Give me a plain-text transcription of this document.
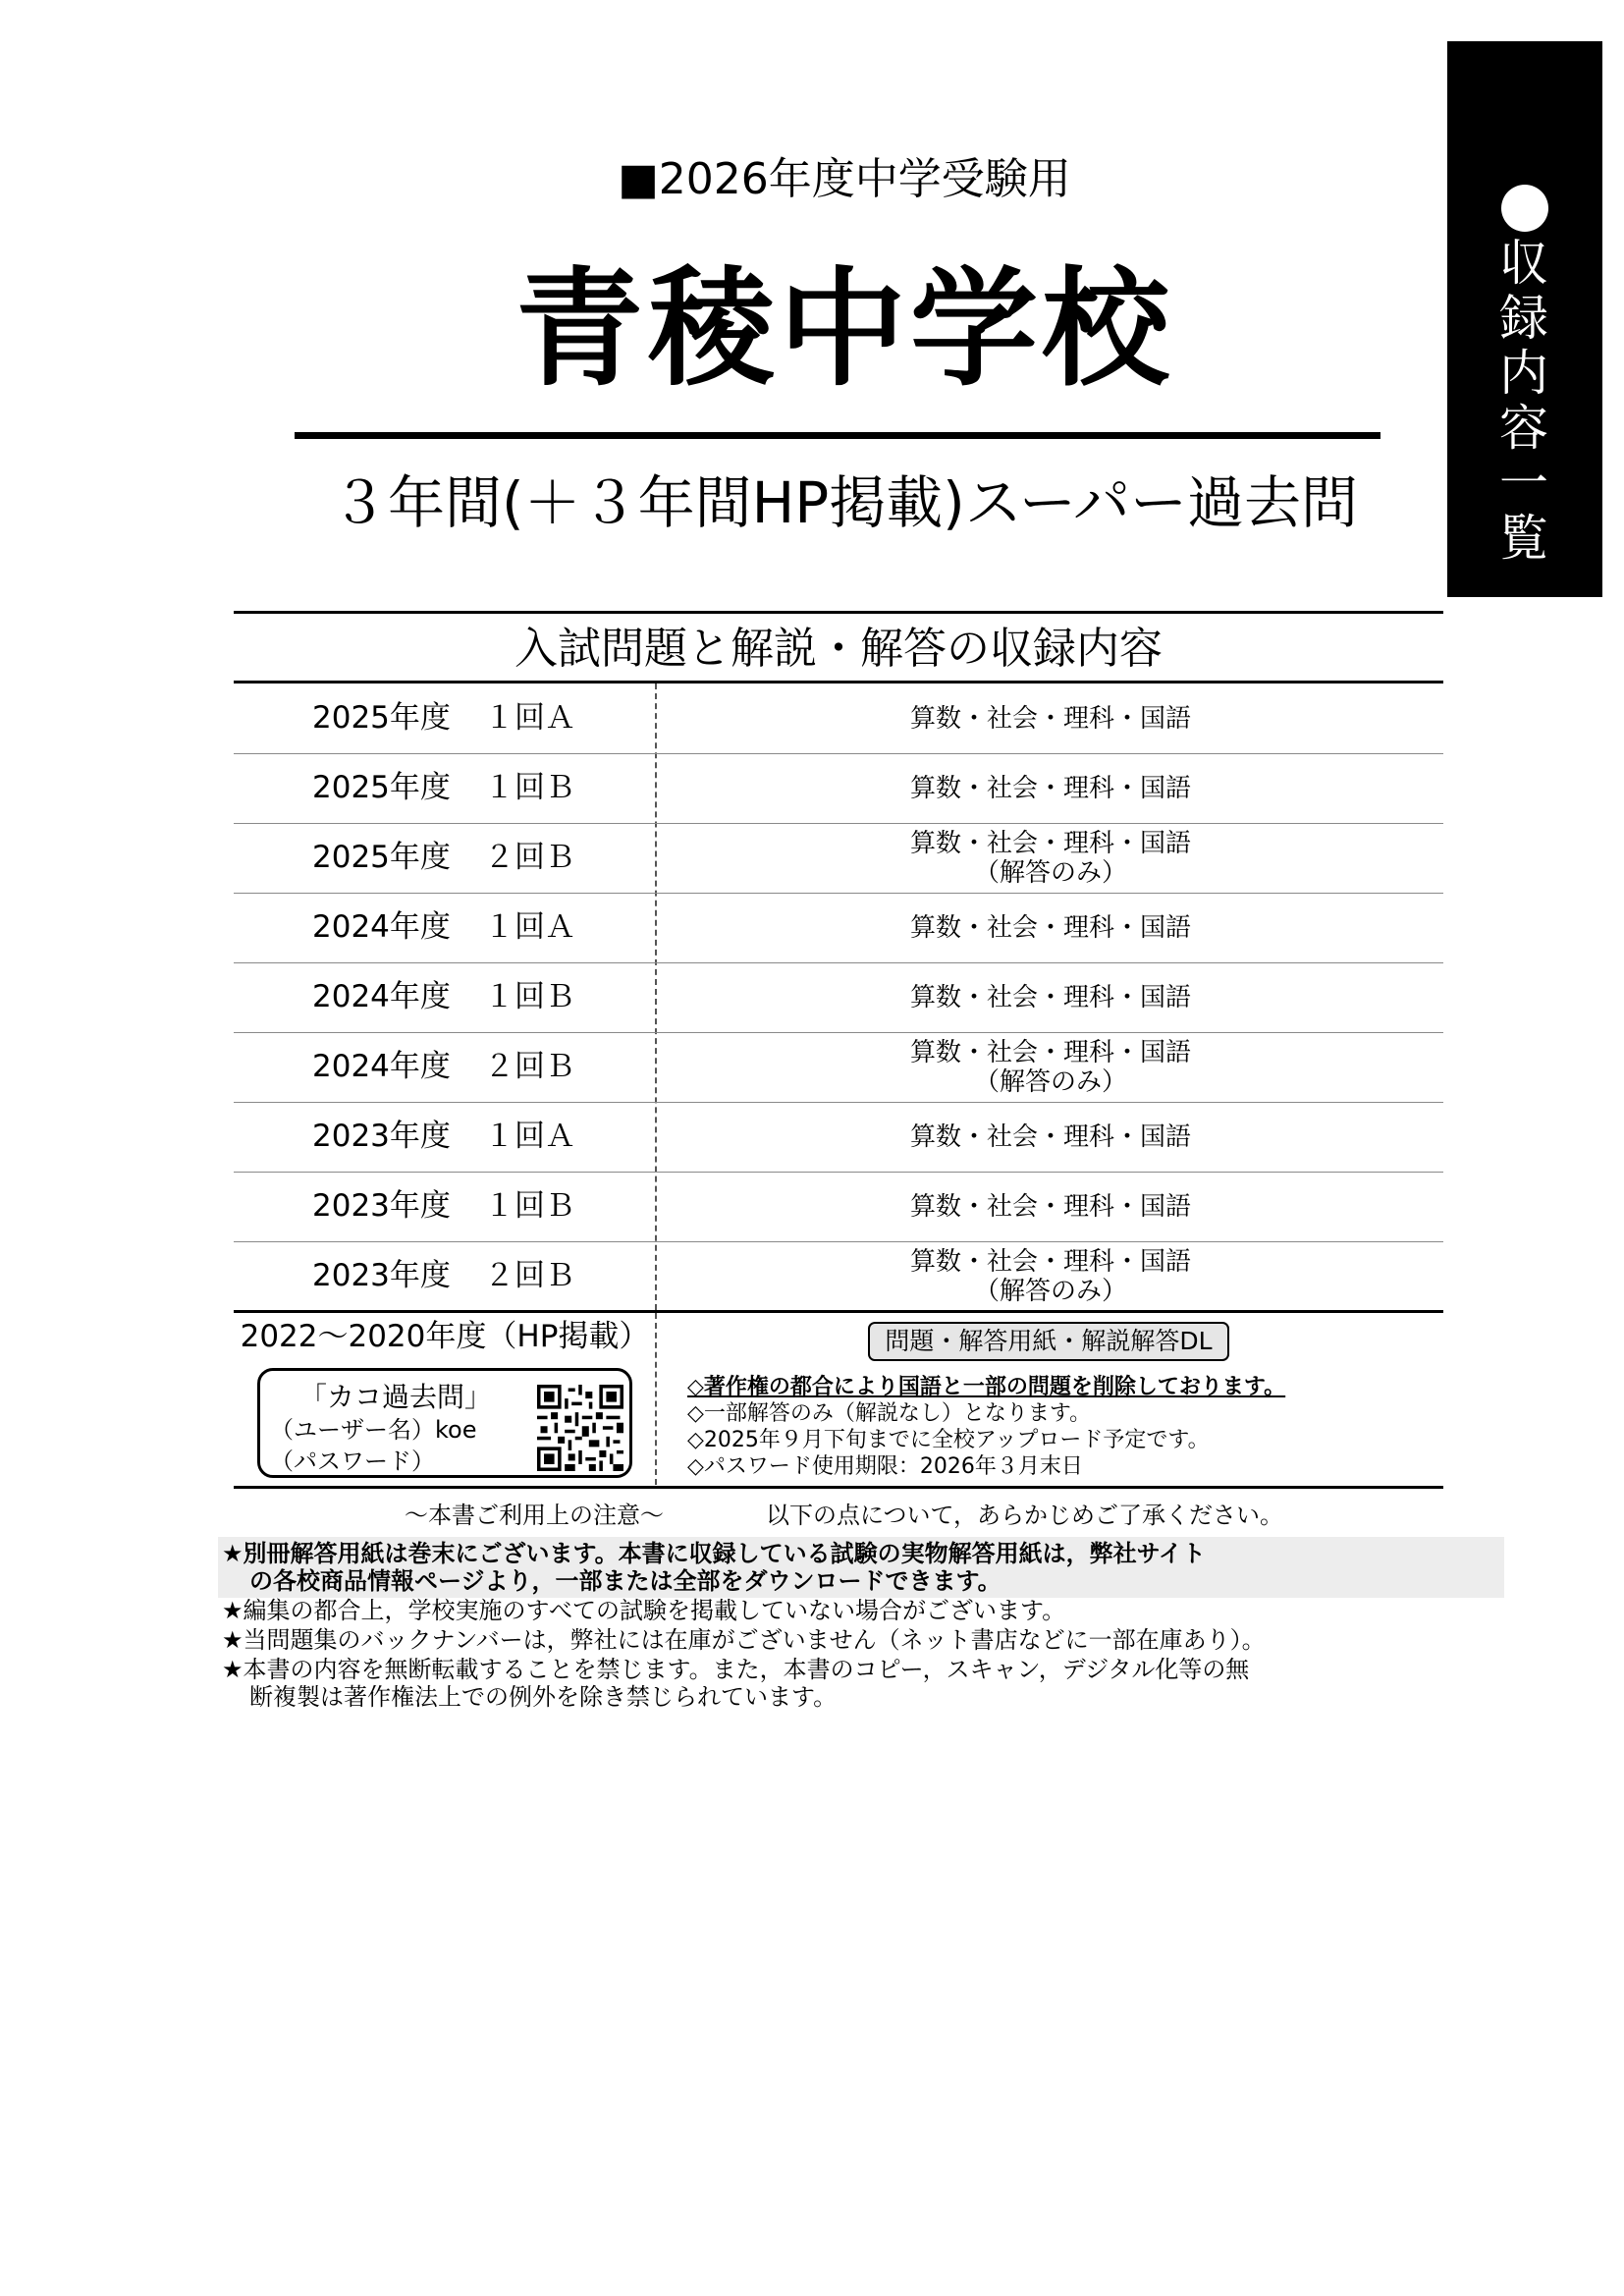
収
録
内
容
一
覧
■2026年度中学受験用
青稜中学校
３年間(＋３年間HP掲載)スーパー過去問
入試問題と解説・解答の収録内容
2025年度 １回Ａ	算数・社会・理科・国語
2025年度 １回Ｂ	算数・社会・理科・国語
2025年度 ２回Ｂ	算数・社会・理科・国語
（解答のみ）
2024年度 １回Ａ	算数・社会・理科・国語
2024年度 １回Ｂ	算数・社会・理科・国語
2024年度 ２回Ｂ	算数・社会・理科・国語
（解答のみ）
2023年度 １回Ａ	算数・社会・理科・国語
2023年度 １回Ｂ	算数・社会・理科・国語
2023年度 ２回Ｂ	算数・社会・理科・国語
（解答のみ）
2022～2020年度（HP掲載）
「カコ過去問」
（ユーザー名）koe
（パスワード）
問題・解答用紙・解説解答DL
◇著作権の都合により国語と一部の問題を削除しております。
◇一部解答のみ（解説なし）となります。
◇2025年９月下旬までに全校アップロード予定です。
◇パスワード使用期限：2026年３月末日
～本書ご利用上の注意～	以下の点について，あらかじめご了承ください。
★別冊解答用紙は巻末にございます。本書に収録している試験の実物解答用紙は，弊社サイト
の各校商品情報ページより，一部または全部をダウンロードできます。
★編集の都合上，学校実施のすべての試験を掲載していない場合がございます。
★当問題集のバックナンバーは，弊社には在庫がございません（ネット書店などに一部在庫あり）。
★本書の内容を無断転載することを禁じます。また，本書のコピー，スキャン，デジタル化等の無
断複製は著作権法上での例外を除き禁じられています。
